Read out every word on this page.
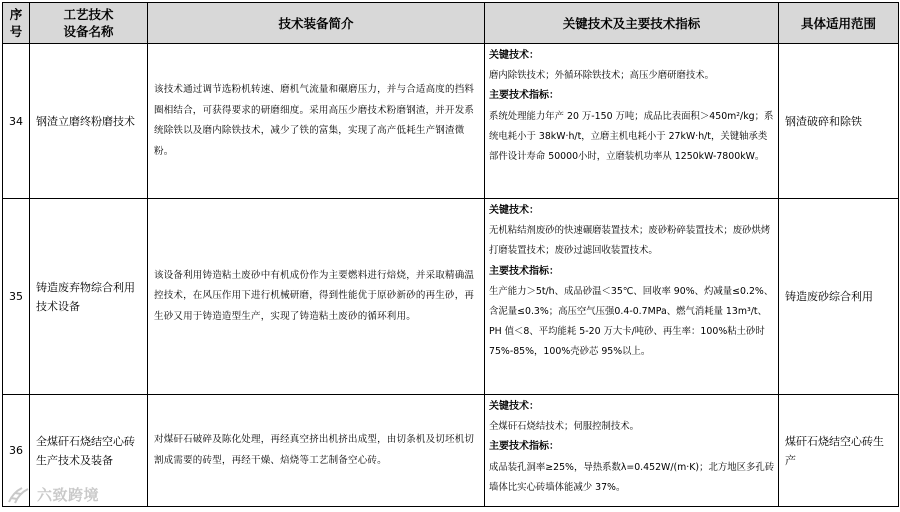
序
号	工艺技术
设备名称	技术装备简介	关键技术及主要技术指标	具体适用范围
34	钢渣立磨终粉磨技术	该技术通过调节选粉机转速、磨机气流量和碾磨压力，并与合适高度的挡料圈相结合，可获得要求的研磨细度。采用高压少磨技术粉磨钢渣，并开发系统除铁以及磨内除铁技术，减少了铁的富集，实现了高产低耗生产钢渣微粉。	关键技术：
磨内除铁技术；外循环除铁技术；高压少磨研磨技术。
主要技术指标：
系统处理能力年产 20 万-150 万吨；成品比表面积＞450m²/kg；系统电耗小于 38kW·h/t，立磨主机电耗小于 27kW·h/t，关键轴承类部件设计寿命 50000小时，立磨装机功率从 1250kW-7800kW。	钢渣破碎和除铁
35	铸造废弃物综合利用技术设备	该设备利用铸造粘土废砂中有机成份作为主要燃料进行焙烧，并采取精确温控技术，在风压作用下进行机械研磨，得到性能优于原砂新砂的再生砂，再生砂又用于铸造造型生产，实现了铸造粘土废砂的循环利用。	关键技术：
无机粘结剂废砂的快速碾磨装置技术；废砂粉碎装置技术；废砂烘烤打磨装置技术；废砂过滤回收装置技术。
主要技术指标：
生产能力＞5t/h、成品砂温＜35℃、回收率 90%、灼减量≤0.2%、含泥量≤0.3%；高压空气压强0.4-0.7MPa、燃气消耗量 13m³/t、PH 值＜8、平均能耗 5-20 万大卡/吨砂、再生率：100%粘土砂时75%-85%，100%壳砂芯 95%以上。	铸造废砂综合利用
36	全煤矸石烧结空心砖生产技术及装备	对煤矸石破碎及陈化处理，再经真空挤出机挤出成型，由切条机及切坯机切割成需要的砖型，再经干燥、焙烧等工艺制备空心砖。	关键技术：
全煤矸石烧结技术；伺服控制技术。
主要技术指标：
成品装孔洞率≥25%，导热系数λ=0.452W/(m·K)；北方地区多孔砖墙体比实心砖墙体能减少 37%。	煤矸石烧结空心砖生产
六致跨境
